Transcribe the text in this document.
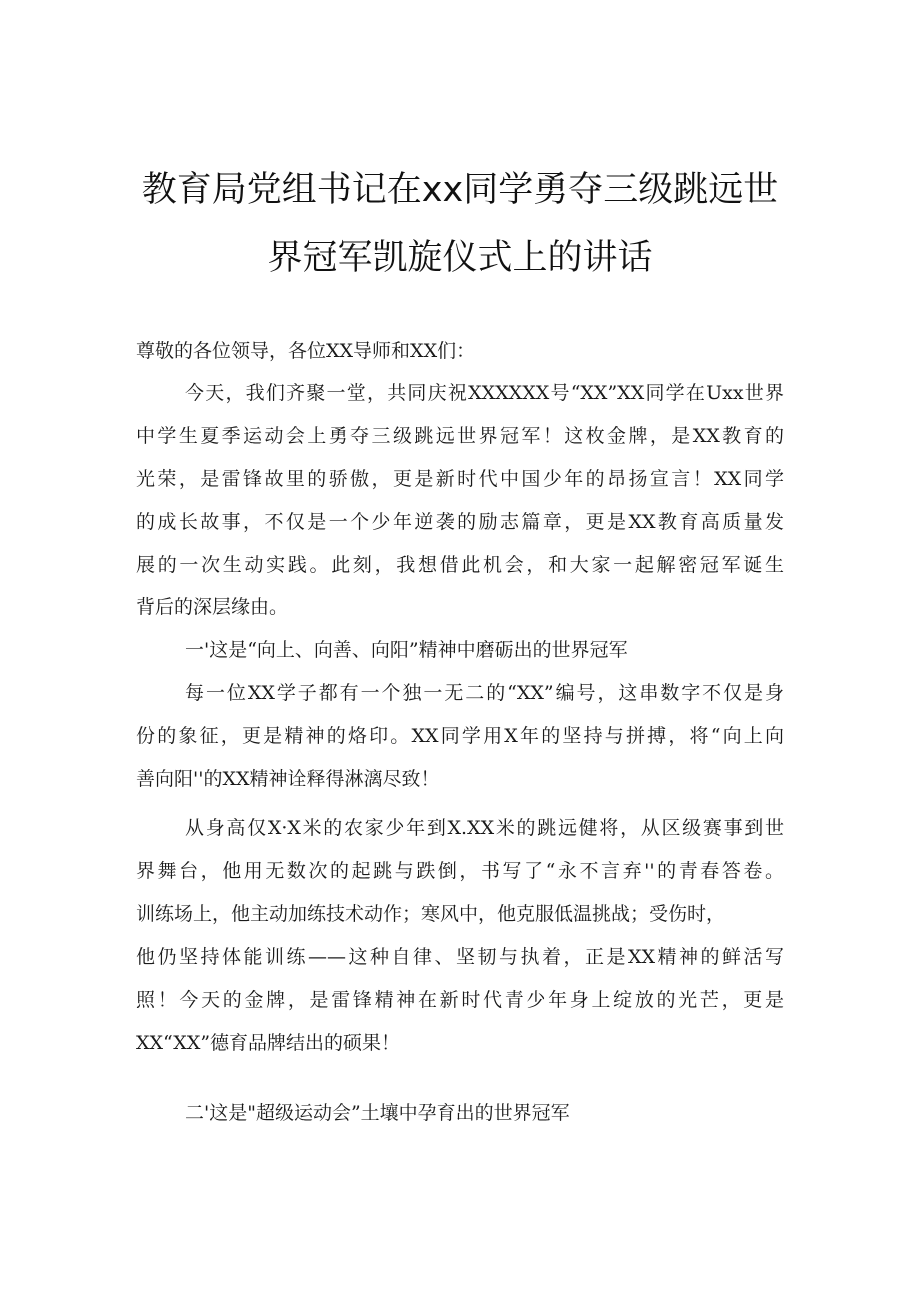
教育局党组书记在xx同学勇夺三级跳远世
界冠军凯旋仪式上的讲话
尊敬的各位领导，各位XX导师和XX们：
今天，我们齐聚一堂，共同庆祝XXXXXX号“XX”XX同学在Uxx世界
中学生夏季运动会上勇夺三级跳远世界冠军！这枚金牌，是XX教育的
光荣，是雷锋故里的骄傲，更是新时代中国少年的昂扬宣言！XX同学
的成长故事，不仅是一个少年逆袭的励志篇章，更是XX教育高质量发
展的一次生动实践。此刻，我想借此机会，和大家一起解密冠军诞生
背后的深层缘由。
一'这是“向上、向善、向阳”精神中磨砺出的世界冠军
每一位XX学子都有一个独一无二的“XX”编号，这串数字不仅是身
份的象征，更是精神的烙印。XX同学用X年的坚持与拼搏，将“向上向
善向阳''的XX精神诠释得淋漓尽致！
从身高仅X·X米的农家少年到X.XX米的跳远健将，从区级赛事到世
界舞台，他用无数次的起跳与跌倒，书写了“永不言弃''的青春答卷。
训练场上，他主动加练技术动作；寒风中，他克服低温挑战；受伤时，
他仍坚持体能训练——这种自律、坚韧与执着，正是XX精神的鲜活写
照！今天的金牌，是雷锋精神在新时代青少年身上绽放的光芒，更是
XX“XX”德育品牌结出的硕果！
二'这是"超级运动会”土壤中孕育出的世界冠军
